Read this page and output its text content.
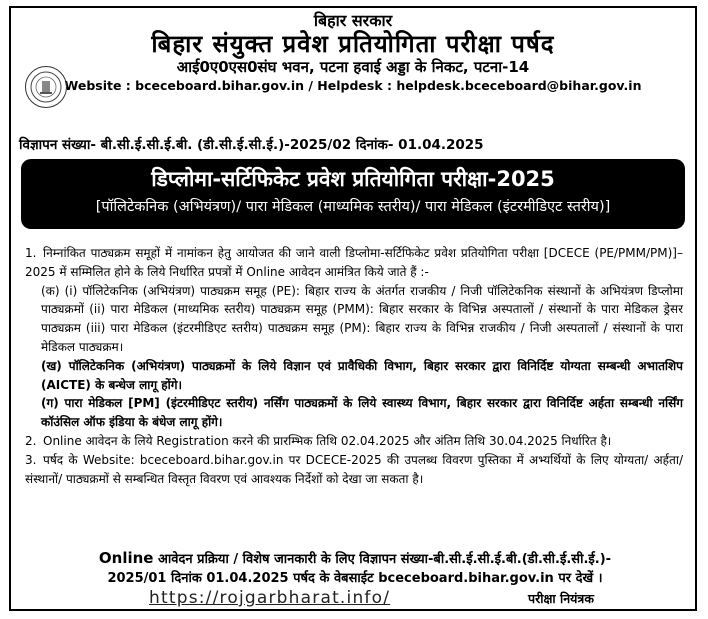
बिहार सरकार
बिहार संयुक्त प्रवेश प्रतियोगिता परीक्षा पर्षद
आई0ए0एस0संघ भवन, पटना हवाई अड्डा के निकट, पटना-14
Website : bceceboard.bihar.gov.in / Helpdesk : helpdesk.bceceboard@bihar.gov.in
विज्ञापन संख्या- बी.सी.ई.सी.ई.बी. (डी.सी.ई.सी.ई.)-2025/02 दिनांक- 01.04.2025
डिप्लोमा-सर्टिफिकेट प्रवेश प्रतियोगिता परीक्षा-2025
[पॉलिटेकनिक (अभियंत्रण)/ पारा मेडिकल (माध्यमिक स्तरीय)/ पारा मेडिकल (इंटरमीडिएट स्तरीय)]

1. निम्नांकित पाठ्यक्रम समूहों में नामांकन हेतु आयोजत की जाने वाली डिप्लोमा-सर्टिफिकेट प्रवेश प्रतियोगिता परीक्षा [DCECE (PE/PMM/PM)]–2025 में सम्मिलित होने के लिये निर्धारित प्रपत्रों में Online आवेदन आमंत्रित किये जाते हैं :-

(क) (i) पॉलिटेकनिक (अभियंत्रण) पाठ्यक्रम समूह (PE): बिहार राज्य के अंतर्गत राजकीय / निजी पॉलिटेकनिक संस्थानों के अभियंत्रण डिप्लोमा पाठ्यक्रमों (ii) पारा मेडिकल (माध्यमिक स्तरीय) पाठ्यक्रम समूह (PMM): बिहार सरकार के विभिन्न अस्पतालों / संस्थानों के पारा मेडिकल ड्रेसर पाठ्यक्रम (iii) पारा मेडिकल (इंटरमीडिएट स्तरीय) पाठ्यक्रम समूह (PM): बिहार राज्य के विभिन्न राजकीय / निजी अस्पतालों / संस्थानों के पारा मेडिकल पाठ्यक्रम।

(ख) पॉलिटेकनिक (अभियंत्रण) पाठ्यक्रमों के लिये विज्ञान एवं प्रावैधिकी विभाग, बिहार सरकार द्वारा विनिर्दिष्ट योग्यता सम्बन्धी अभातशिप (AICTE) के बन्धेज लागू होंगे।

(ग) पारा मेडिकल [PM] (इंटरमीडिएट स्तरीय) नर्सिंग पाठ्यक्रमों के लिये स्वास्थ्य विभाग, बिहार सरकार द्वारा विनिर्दिष्ट अर्हता सम्बन्धी नर्सिंग कॉउंसिल ऑफ इंडिया के बंधेज लागू होंगे।

2. Online आवेदन के लिये Registration करने की प्रारम्भिक तिथि 02.04.2025 और अंतिम तिथि 30.04.2025 निर्धारित है।

3. पर्षद के Website: bceceboard.bihar.gov.in पर DCECE-2025 की उपलब्ध विवरण पुस्तिका में अभ्यर्थियों के लिए योग्यता/ अर्हता/ संस्थानों/ पाठ्यक्रमों से सम्बन्धित विस्तृत विवरण एवं आवश्यक निर्देशों को देखा जा सकता है।

Online आवेदन प्रक्रिया / विशेष जानकारी के लिए विज्ञापन संख्या-बी.सी.ई.सी.ई.बी.(डी.सी.ई.सी.ई.)-
2025/01 दिनांक 01.04.2025 पर्षद के वेबसाईट bceceboard.bihar.gov.in पर देखें ।
https://rojgarbharat.info/	परीक्षा नियंत्रक
